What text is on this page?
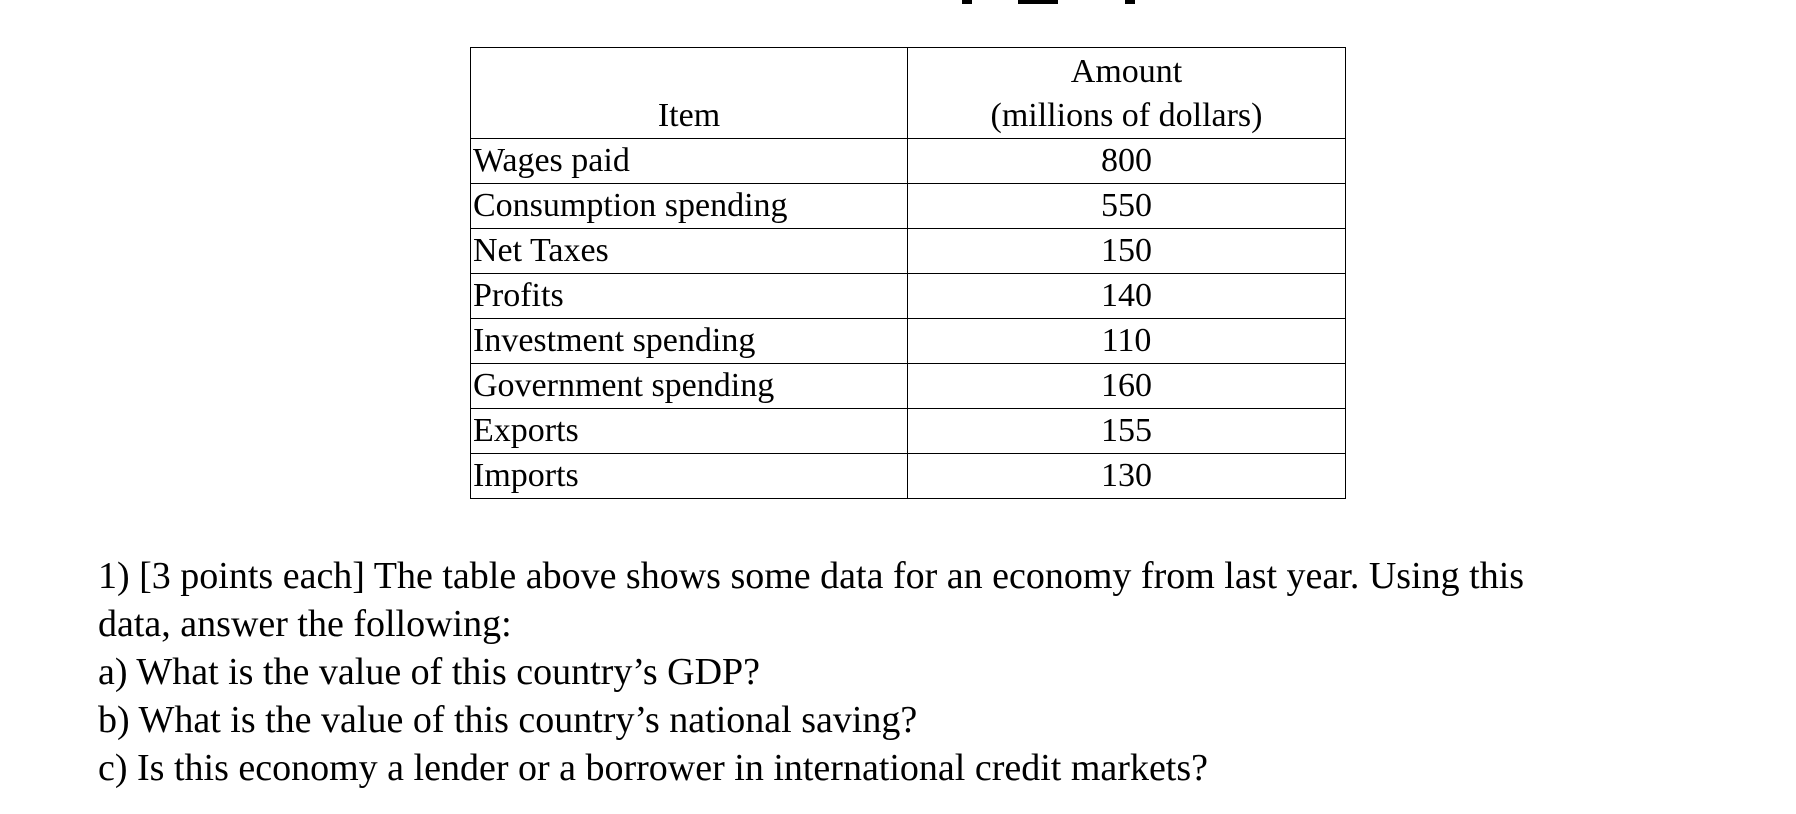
Item	Amount
(millions of dollars)

Wages paid	800
Consumption spending	550
Net Taxes	150
Profits	140
Investment spending	110
Government spending	160
Exports	155
Imports	130
1) [3 points each] The table above shows some data for an economy from last year. Using this
data, answer the following:
a) What is the value of this country’s GDP?
b) What is the value of this country’s national saving?
c) Is this economy a lender or a borrower in international credit markets?
